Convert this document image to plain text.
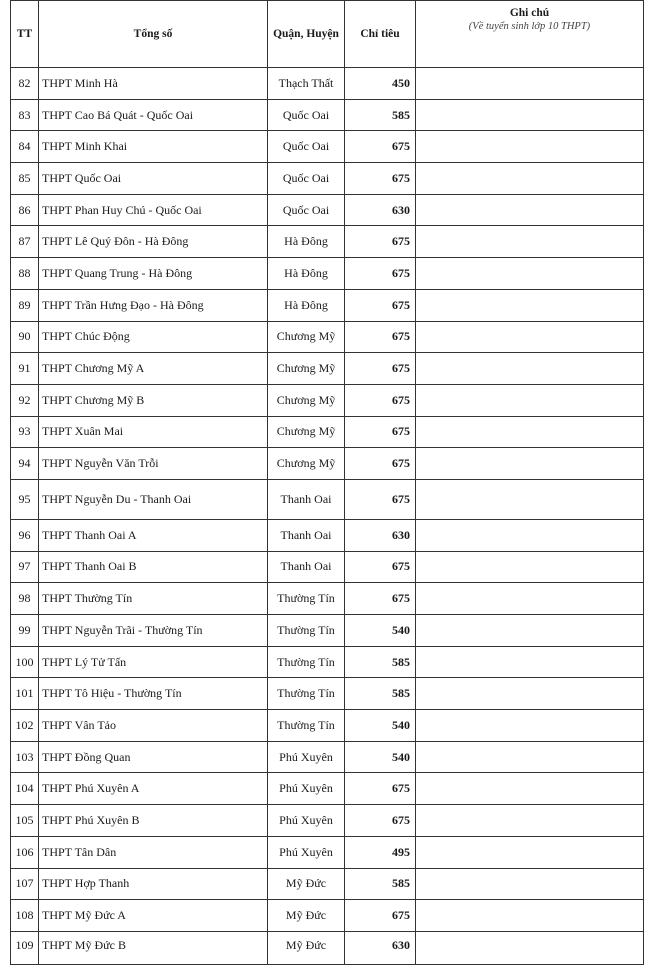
TT	Tổng số	Quận, Huyện	Chỉ tiêu	Ghi chú
(Về tuyển sinh lớp 10 THPT)

82	THPT Minh Hà	Thạch Thất	450	
83	THPT Cao Bá Quát - Quốc Oai	Quốc Oai	585	
84	THPT Minh Khai	Quốc Oai	675	
85	THPT Quốc Oai	Quốc Oai	675	
86	THPT Phan Huy Chú - Quốc Oai	Quốc Oai	630	
87	THPT Lê Quý Đôn - Hà Đông	Hà Đông	675	
88	THPT Quang Trung - Hà Đông	Hà Đông	675	
89	THPT Trần Hưng Đạo - Hà Đông	Hà Đông	675	
90	THPT Chúc Động	Chương Mỹ	675	
91	THPT Chương Mỹ A	Chương Mỹ	675	
92	THPT Chương Mỹ B	Chương Mỹ	675	
93	THPT Xuân Mai	Chương Mỹ	675	
94	THPT Nguyễn Văn Trỗi	Chương Mỹ	675	
95	THPT Nguyễn Du - Thanh Oai	Thanh Oai	675	
96	THPT Thanh Oai A	Thanh Oai	630	
97	THPT Thanh Oai B	Thanh Oai	675	
98	THPT Thường Tín	Thường Tín	675	
99	THPT Nguyễn Trãi - Thường Tín	Thường Tín	540	
100	THPT Lý Tử Tấn	Thường Tín	585	
101	THPT Tô Hiệu - Thường Tín	Thường Tín	585	
102	THPT Vân Tảo	Thường Tín	540	
103	THPT Đồng Quan	Phú Xuyên	540	
104	THPT Phú Xuyên A	Phú Xuyên	675	
105	THPT Phú Xuyên B	Phú Xuyên	675	
106	THPT Tân Dân	Phú Xuyên	495	
107	THPT Hợp Thanh	Mỹ Đức	585	
108	THPT Mỹ Đức A	Mỹ Đức	675	
109	THPT Mỹ Đức B	Mỹ Đức	630	
